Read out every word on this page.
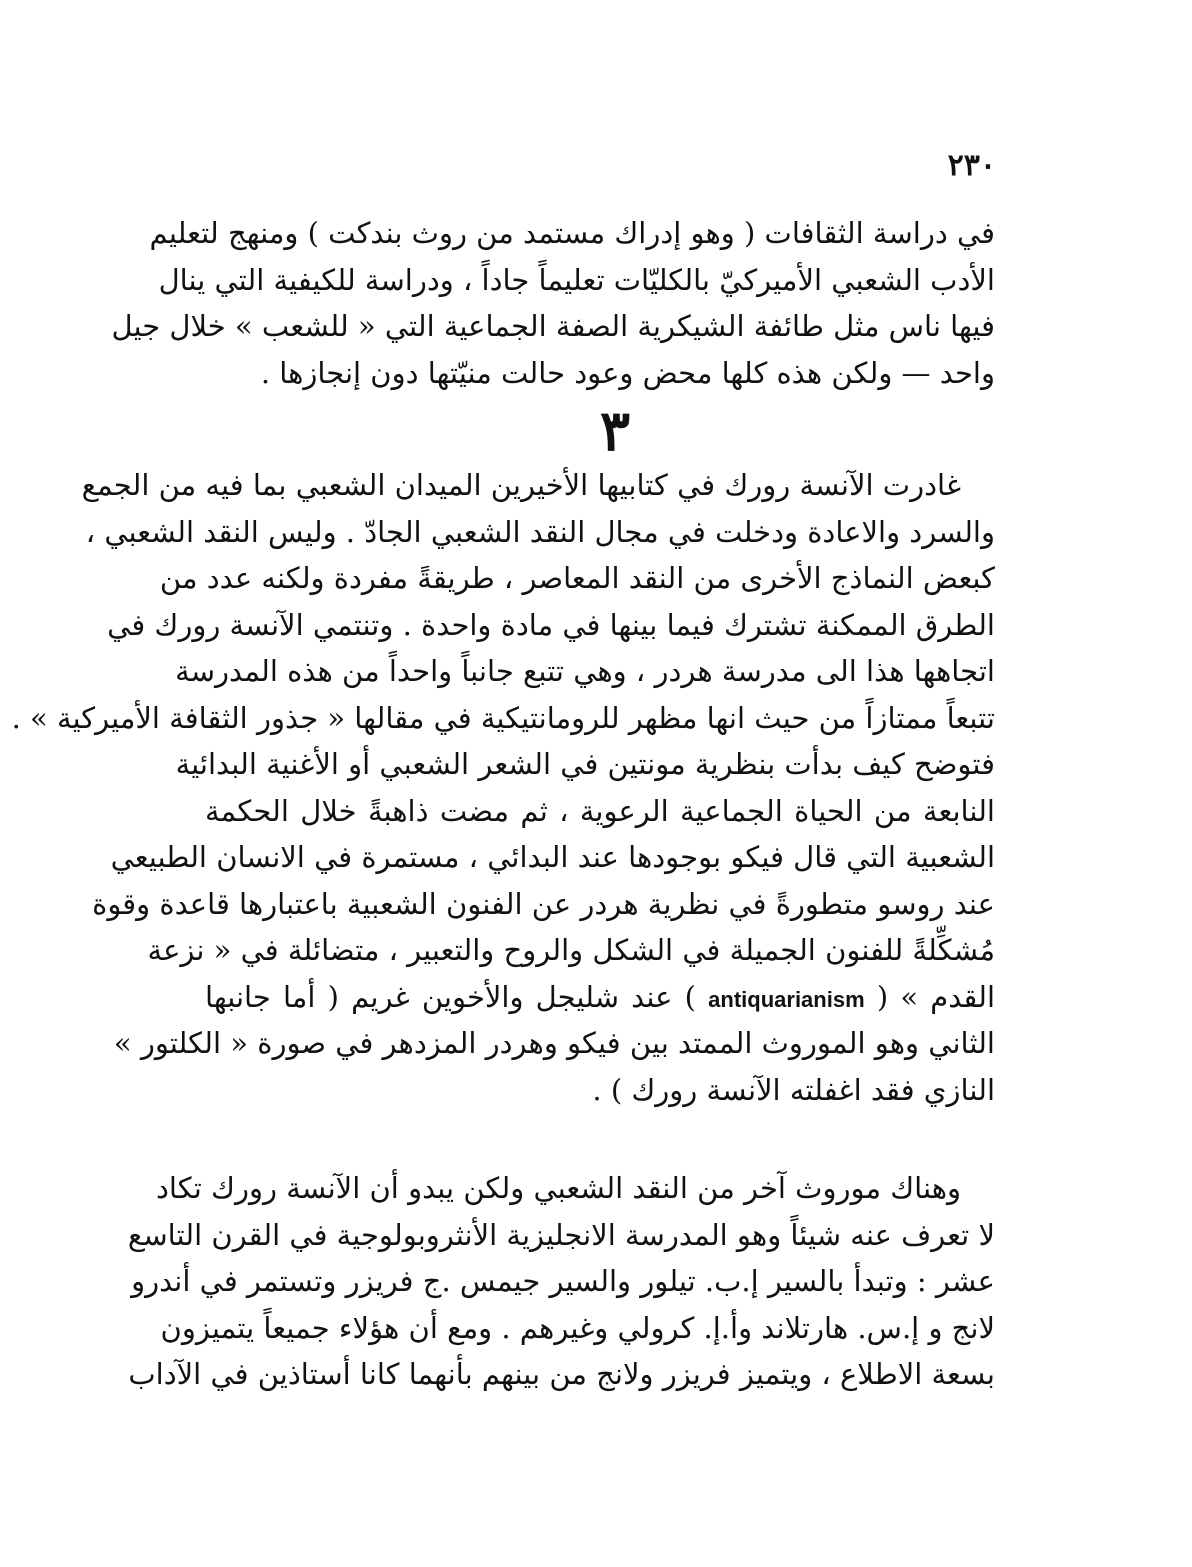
٢٣٠
في دراسة الثقافات ( وهو إدراك مستمد من روث بندكت ) ومنهج لتعليم
الأدب الشعبي الأميركيّ بالكليّات تعليماً جاداً ، ودراسة للكيفية التي ينال
فيها ناس مثل طائفة الشيكرية الصفة الجماعية التي « للشعب » خلال جيل
واحد — ولكن هذه كلها محض وعود حالت منيّتها دون إنجازها .
٣
غادرت الآنسة رورك في كتابيها الأخيرين الميدان الشعبي بما فيه من الجمع
والسرد والاعادة ودخلت في مجال النقد الشعبي الجادّ . وليس النقد الشعبي ،
كبعض النماذج الأخرى من النقد المعاصر ، طريقةً مفردة ولكنه عدد من
الطرق الممكنة تشترك فيما بينها في مادة واحدة . وتنتمي الآنسة رورك في
اتجاهها هذا الى مدرسة هردر ، وهي تتبع جانباً واحداً من هذه المدرسة
تتبعاً ممتازاً من حيث انها مظهر للرومانتيكية في مقالها « جذور الثقافة الأميركية » .
فتوضح كيف بدأت بنظرية مونتين في الشعر الشعبي أو الأغنية البدائية
النابعة من الحياة الجماعية الرعوية ، ثم مضت ذاهبةً خلال الحكمة
الشعبية التي قال فيكو بوجودها عند البدائي ، مستمرة في الانسان الطبيعي
عند روسو متطورةً في نظرية هردر عن الفنون الشعبية باعتبارها قاعدة وقوة
مُشكِّلةً للفنون الجميلة في الشكل والروح والتعبير ، متضائلة في « نزعة
القدم » ( antiquarianism ) عند شليجل والأخوين غريم ( أما جانبها
الثاني وهو الموروث الممتد بين فيكو وهردر المزدهر في صورة « الكلتور »
النازي فقد اغفلته الآنسة رورك ) .
وهناك موروث آخر من النقد الشعبي ولكن يبدو أن الآنسة رورك تكاد
لا تعرف عنه شيئاً وهو المدرسة الانجليزية الأنثروبولوجية في القرن التاسع
عشر : وتبدأ بالسير إ.ب. تيلور والسير جيمس .ج فريزر وتستمر في أندرو
لانج و إ.س. هارتلاند وأ.إ. كرولي وغيرهم . ومع أن هؤلاء جميعاً يتميزون
بسعة الاطلاع ، ويتميز فريزر ولانج من بينهم بأنهما كانا أستاذين في الآداب
